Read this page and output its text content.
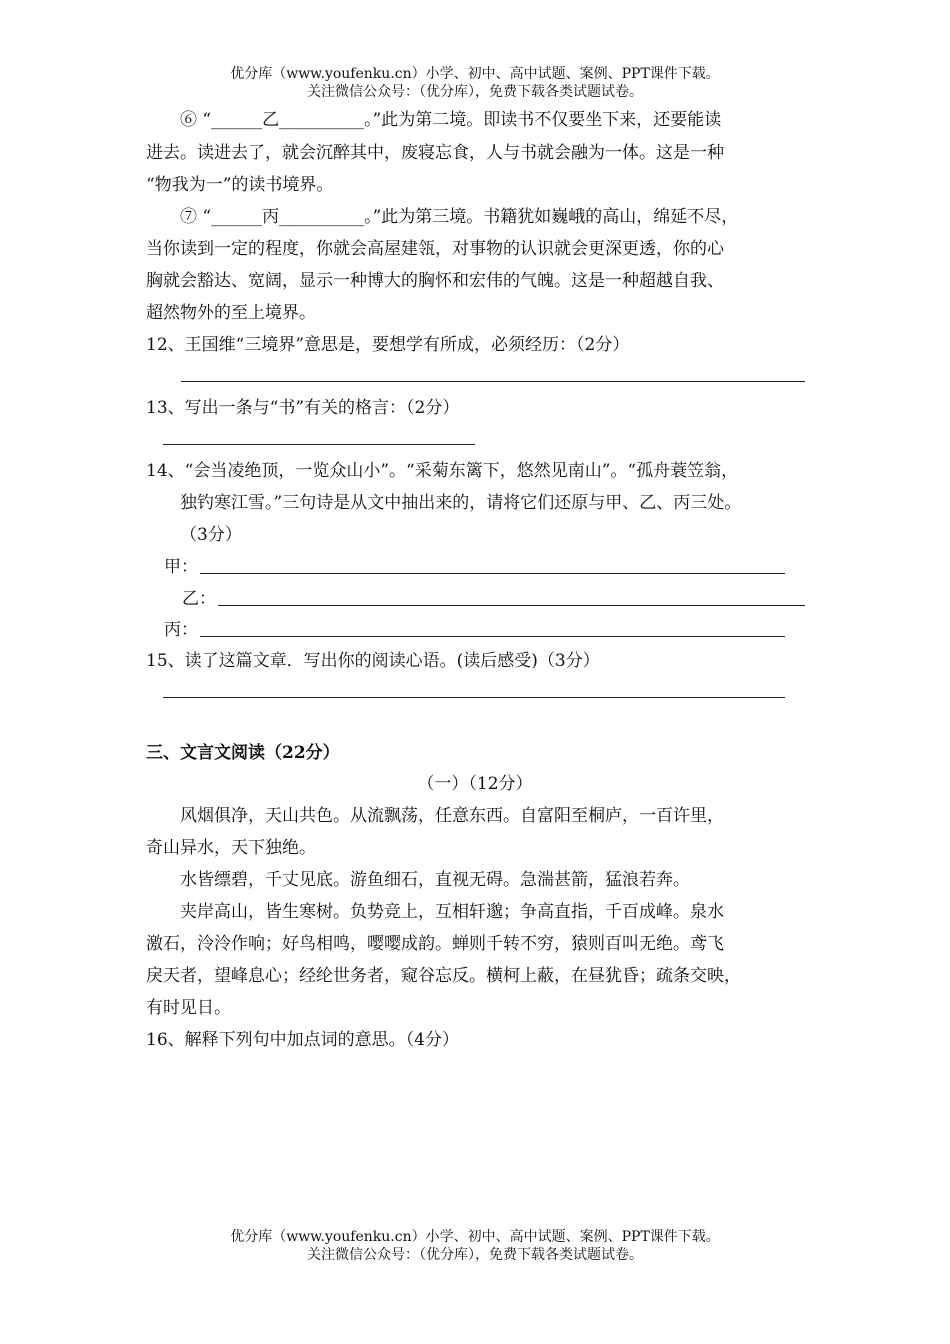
优分库（www.youfenku.cn）小学、初中、高中试题、案例、PPT课件下载。
关注微信公众号：（优分库），免费下载各类试题试卷。
⑥ “______乙__________。”此为第二境。即读书不仅要坐下来，还要能读
进去。读进去了，就会沉醉其中，废寝忘食，人与书就会融为一体。这是一种
“物我为一”的读书境界。
⑦ “______丙__________。”此为第三境。书籍犹如巍峨的高山，绵延不尽，
当你读到一定的程度，你就会高屋建瓴，对事物的认识就会更深更透，你的心
胸就会豁达、宽阔，显示一种博大的胸怀和宏伟的气魄。这是一种超越自我、
超然物外的至上境界。
12、王国维“三境界”意思是，要想学有所成，必须经历：（2分）
13、写出一条与“书”有关的格言：（2分）
14、“会当凌绝顶，一览众山小”。“采菊东篱下，悠然见南山”。“孤舟蓑笠翁，
独钓寒江雪。”三句诗是从文中抽出来的，请将它们还原与甲、乙、丙三处。
（3分）
甲：
乙：
丙：
15、读了这篇文章．写出你的阅读心语。(读后感受)（3分）
三、文言文阅读（22分）
（一）（12分）
风烟俱净，天山共色。从流飘荡，任意东西。自富阳至桐庐，一百许里，
奇山异水，天下独绝。
水皆缥碧，千丈见底。游鱼细石，直视无碍。急湍甚箭，猛浪若奔。
夹岸高山，皆生寒树。负势竞上，互相轩邈；争高直指，千百成峰。泉水
激石，泠泠作响；好鸟相鸣，嘤嘤成韵。蝉则千转不穷，猿则百叫无绝。鸢飞
戾天者，望峰息心；经纶世务者，窥谷忘反。横柯上蔽，在昼犹昏；疏条交映，
有时见日。
16、解释下列句中加点词的意思。（4分）
优分库（www.youfenku.cn）小学、初中、高中试题、案例、PPT课件下载。
关注微信公众号：（优分库），免费下载各类试题试卷。
